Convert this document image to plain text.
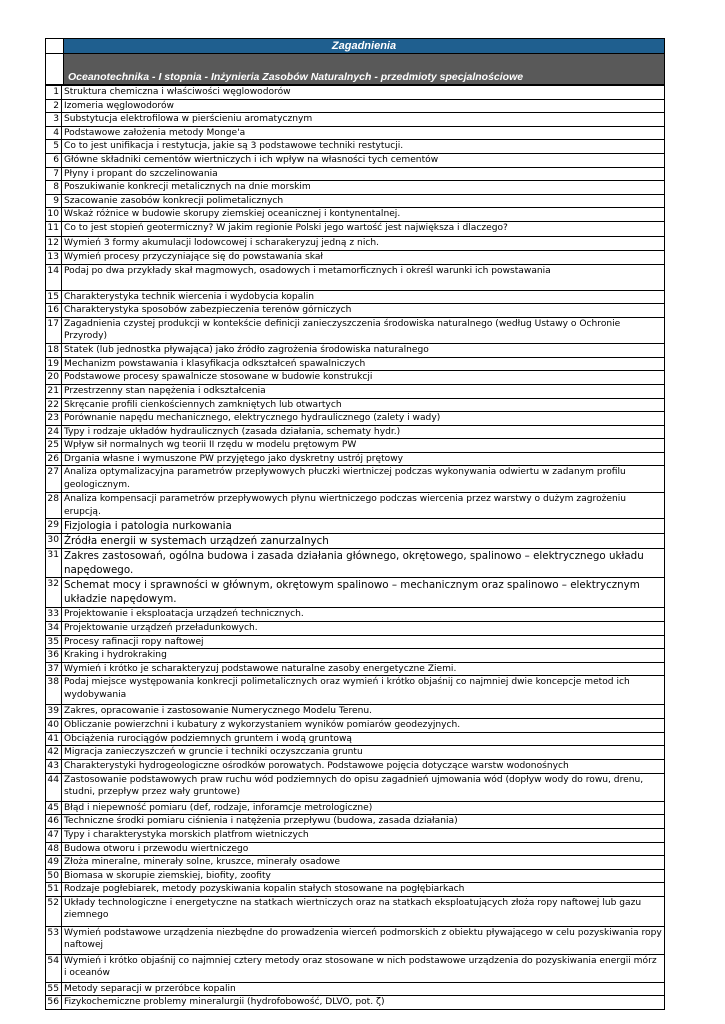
Zagadnienia
Oceanotechnika - I stopnia - Inżynieria Zasobów Naturalnych - przedmioty specjalnościowe
1	Struktura chemiczna i właściwości węglowodorów
2	Izomeria węglowodorów
3	Substytucja elektrofilowa w pierścieniu aromatycznym
4	Podstawowe założenia metody Monge'a
5	Co to jest unifikacja i restytucja, jakie są 3 podstawowe techniki restytucji.
6	Główne składniki cementów wiertniczych i ich wpływ na własności tych cementów
7	Płyny i propant do szczelinowania
8	Poszukiwanie konkrecji metalicznych na dnie morskim
9	Szacowanie zasobów konkrecji polimetalicznych
10	Wskaż różnice w budowie skorupy ziemskiej oceanicznej i kontynentalnej.
11	Co to jest stopień geotermiczny? W jakim regionie Polski jego wartość jest największa i dlaczego?
12	Wymień 3 formy akumulacji lodowcowej i scharakeryzuj jedną z nich.
13	Wymień procesy przyczyniające się do powstawania skał
14	Podaj po dwa przykłady skał magmowych, osadowych i metamorficznych i określ warunki ich powstawania
15	Charakterystyka technik wiercenia i wydobycia kopalin
16	Charakterystyka sposobów zabezpieczenia terenów górniczych
17	Zagadnienia czystej produkcji w kontekście definicji zanieczyszczenia środowiska naturalnego (według Ustawy o Ochronie Przyrody)
18	Statek (lub jednostka pływająca) jako źródło zagrożenia środowiska naturalnego
19	Mechanizm powstawania i klasyfikacja odkształceń spawalniczych
20	Podstawowe procesy spawalnicze stosowane w budowie konstrukcji
21	Przestrzenny stan napężenia i odkształcenia
22	Skręcanie profili cienkościennych zamkniętych lub otwartych
23	Porównanie napędu mechanicznego, elektrycznego hydraulicznego (zalety i wady)
24	Typy i rodzaje układów hydraulicznych (zasada działania, schematy hydr.)
25	Wpływ sił normalnych wg teorii II rzędu w modelu prętowym PW
26	Drgania własne i wymuszone PW przyjętego jako dyskretny ustrój prętowy
27	Analiza optymalizacyjna parametrów przepływowych płuczki wiertniczej podczas wykonywania odwiertu w zadanym profilu geologicznym.
28	Analiza kompensacji parametrów przepływowych płynu wiertniczego podczas wiercenia przez warstwy o dużym zagrożeniu erupcją.
29	Fizjologia i patologia nurkowania
30	Źródła energii w systemach urządzeń zanurzalnych
31	Zakres zastosowań, ogólna budowa i zasada działania głównego, okrętowego, spalinowo – elektrycznego układu napędowego.
32	Schemat mocy i sprawności w głównym, okrętowym spalinowo – mechanicznym oraz spalinowo – elektrycznym układzie napędowym.
33	Projektowanie i eksploatacja urządzeń technicznych.
34	Projektowanie urządzeń przeładunkowych.
35	Procesy rafinacji ropy naftowej
36	Kraking i hydrokraking
37	Wymień i krótko je scharakteryzuj podstawowe naturalne zasoby energetyczne Ziemi.
38	Podaj miejsce występowania konkrecji polimetalicznych oraz wymień i krótko objaśnij co najmniej dwie koncepcje metod ich wydobywania
39	Zakres, opracowanie i zastosowanie Numerycznego Modelu Terenu.
40	Obliczanie powierzchni i kubatury z wykorzystaniem wyników pomiarów geodezyjnych.
41	Obciążenia rurociągów podziemnych gruntem i wodą gruntową
42	Migracja zanieczyszczeń w gruncie i techniki oczyszczania gruntu
43	Charakterystyki hydrogeologiczne ośrodków porowatych. Podstawowe pojęcia dotyczące warstw wodonośnych
44	Zastosowanie podstawowych praw ruchu wód podziemnych do opisu zagadnień ujmowania wód (dopływ wody do rowu, drenu, studni, przepływ przez wały gruntowe)
45	Błąd i niepewność pomiaru (def, rodzaje, inforamcje metrologiczne)
46	Techniczne środki pomiaru ciśnienia i natężenia przepływu (budowa, zasada działania)
47	Typy i charakterystyka morskich platfrom wietniczych
48	Budowa otworu i przewodu wiertniczego
49	Złoża mineralne, minerały solne, kruszce, minerały osadowe
50	Biomasa w skorupie ziemskiej, biofity, zoofity
51	Rodzaje pogłebiarek, metody pozyskiwania kopalin stałych stosowane na pogłębiarkach
52	Układy technologiczne i energetyczne na statkach wiertniczych oraz na statkach eksploatujących złoża ropy naftowej lub gazu ziemnego
53	Wymień podstawowe urządzenia niezbędne do prowadzenia wierceń podmorskich z obiektu pływającego w celu pozyskiwania ropy naftowej
54	Wymień i krótko objaśnij co najmniej cztery metody oraz stosowane w nich podstawowe urządzenia do pozyskiwania energii mórz i oceanów
55	Metody separacji w przeróbce kopalin
56	Fizykochemiczne problemy mineralurgii (hydrofobowość, DLVO, pot. ζ)
